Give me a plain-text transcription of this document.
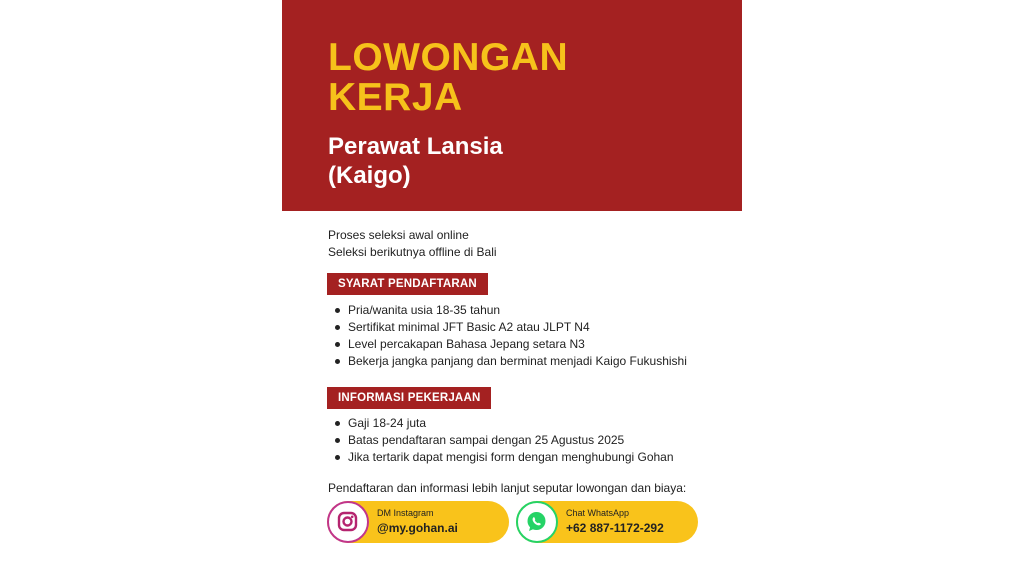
LOWONGAN
KERJA
Perawat Lansia
(Kaigo)
Proses seleksi awal online
Seleksi berikutnya offline di Bali
SYARAT PENDAFTARAN
Pria/wanita usia 18-35 tahun
Sertifikat minimal JFT Basic A2 atau JLPT N4
Level percakapan Bahasa Jepang setara N3
Bekerja jangka panjang dan berminat menjadi Kaigo Fukushishi
INFORMASI PEKERJAAN
Gaji 18-24 juta
Batas pendaftaran sampai dengan 25 Agustus 2025
Jika tertarik dapat mengisi form dengan menghubungi Gohan
Pendaftaran dan informasi lebih lanjut seputar lowongan dan biaya:
DM Instagram
@my.gohan.ai
Chat WhatsApp
+62 887-1172-292
